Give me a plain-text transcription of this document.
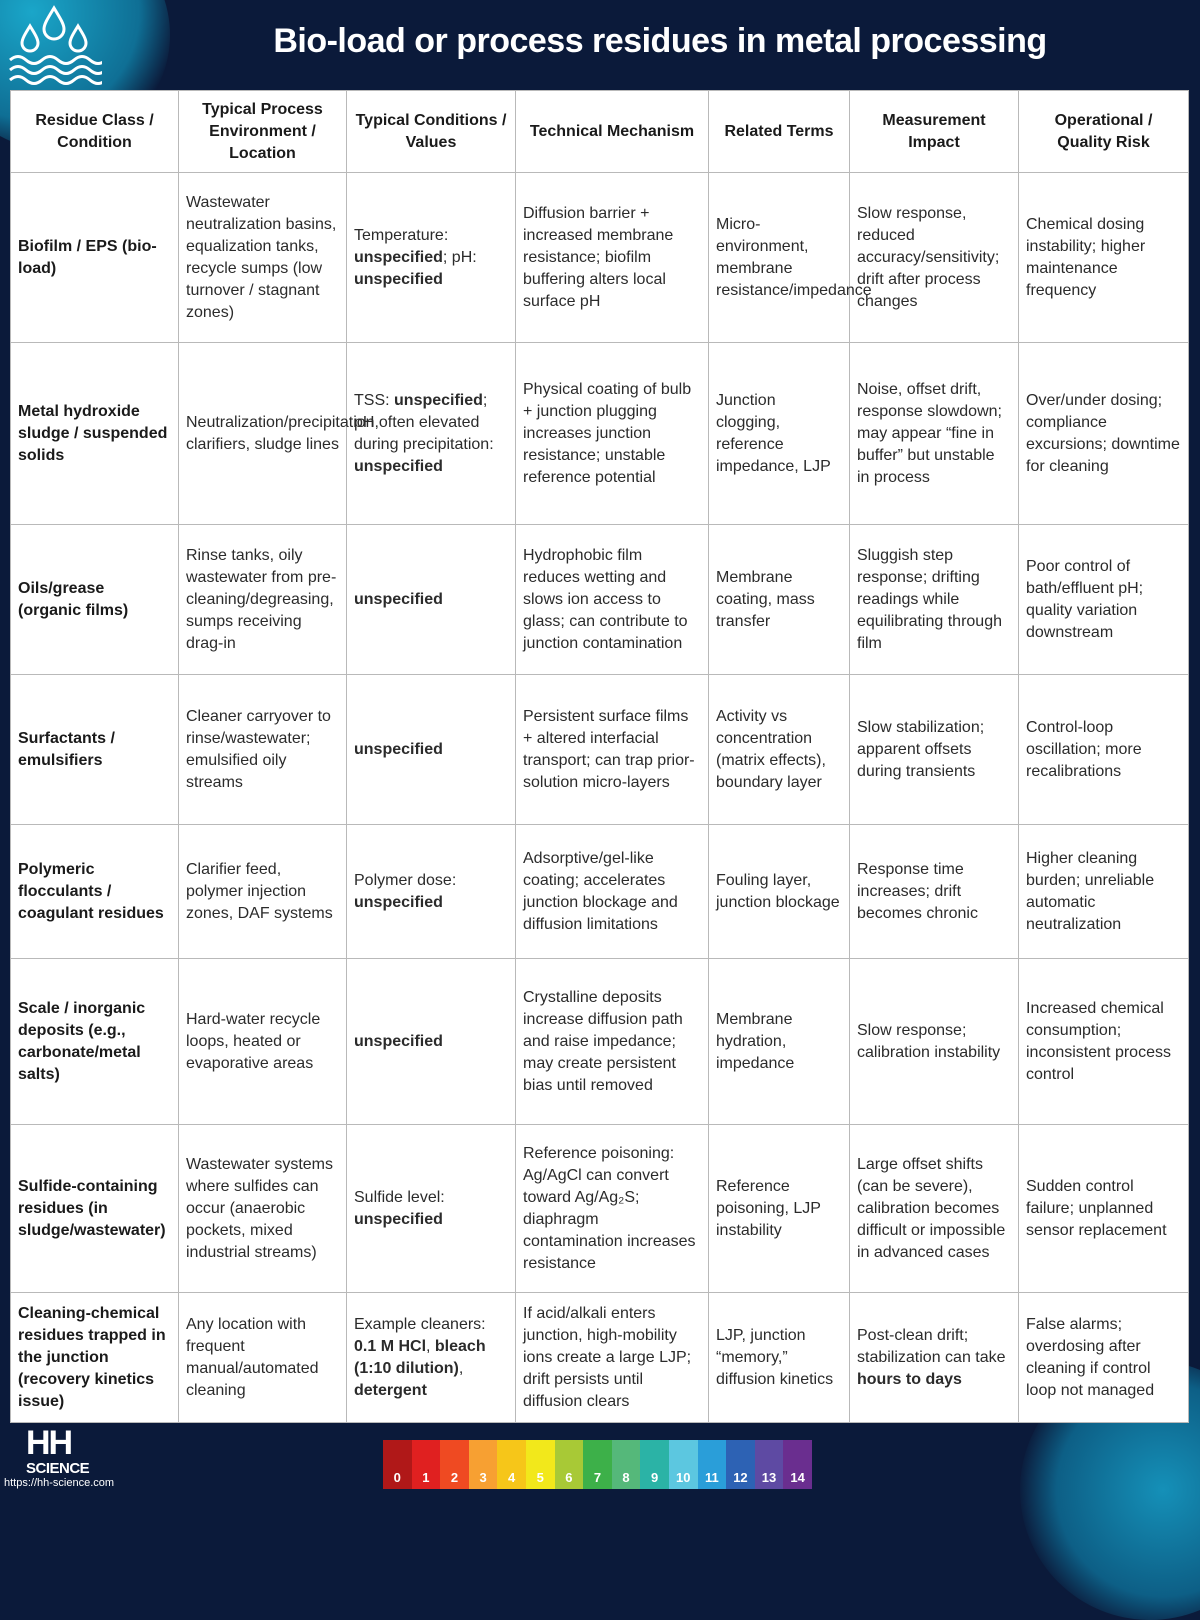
Bio-load or process residues in metal processing
Residue Class / Condition	Typical Process Environment / Location	Typical Conditions / Values	Technical Mechanism	Related Terms	Measurement Impact	Operational / Quality Risk
Biofilm / EPS (bio-load)	Wastewater neutralization basins, equalization tanks, recycle sumps (low turnover / stagnant zones)	Temperature: unspecified; pH: unspecified	Diffusion barrier + increased membrane resistance; biofilm buffering alters local surface pH	Micro-environment, membrane resistance/impedance	Slow response, reduced accuracy/sensitivity; drift after process changes	Chemical dosing instability; higher maintenance frequency
Metal hydroxide sludge / suspended solids	Neutralization/precipitation, clarifiers, sludge lines	TSS: unspecified; pH often elevated during precipitation: unspecified	Physical coating of bulb + junction plugging increases junction resistance; unstable reference potential	Junction clogging, reference impedance, LJP	Noise, offset drift, response slowdown; may appear “fine in buffer” but unstable in process	Over/under dosing; compliance excursions; downtime for cleaning
Oils/grease (organic films)	Rinse tanks, oily wastewater from pre-cleaning/degreasing, sumps receiving drag-in	unspecified	Hydrophobic film reduces wetting and slows ion access to glass; can contribute to junction contamination	Membrane coating, mass transfer	Sluggish step response; drifting readings while equilibrating through film	Poor control of bath/effluent pH; quality variation downstream
Surfactants / emulsifiers	Cleaner carryover to rinse/wastewater; emulsified oily streams	unspecified	Persistent surface films + altered interfacial transport; can trap prior-solution micro-layers	Activity vs concentration (matrix effects), boundary layer	Slow stabilization; apparent offsets during transients	Control-loop oscillation; more recalibrations
Polymeric flocculants / coagulant residues	Clarifier feed, polymer injection zones, DAF systems	Polymer dose: unspecified	Adsorptive/gel-like coating; accelerates junction blockage and diffusion limitations	Fouling layer, junction blockage	Response time increases; drift becomes chronic	Higher cleaning burden; unreliable automatic neutralization
Scale / inorganic deposits (e.g., carbonate/metal salts)	Hard-water recycle loops, heated or evaporative areas	unspecified	Crystalline deposits increase diffusion path and raise impedance; may create persistent bias until removed	Membrane hydration, impedance	Slow response; calibration instability	Increased chemical consumption; inconsistent process control
Sulfide-containing residues (in sludge/wastewater)	Wastewater systems where sulfides can occur (anaerobic pockets, mixed industrial streams)	Sulfide level: unspecified	Reference poisoning: Ag/AgCl can convert toward Ag/Ag₂S; diaphragm contamination increases resistance	Reference poisoning, LJP instability	Large offset shifts (can be severe), calibration becomes difficult or impossible in advanced cases	Sudden control failure; unplanned sensor replacement
Cleaning-chemical residues trapped in the junction (recovery kinetics issue)	Any location with frequent manual/automated cleaning	Example cleaners: 0.1 M HCl, bleach (1:10 dilution), detergent	If acid/alkali enters junction, high-mobility ions create a large LJP; drift persists until diffusion clears	LJP, junction “memory,” diffusion kinetics	Post-clean drift; stabilization can take hours to days	False alarms; overdosing after cleaning if control loop not managed
HH
SCIENCE
https://hh-science.com	0	1	2	3	4	5	6	7	8	9	10	11	12	13	14
